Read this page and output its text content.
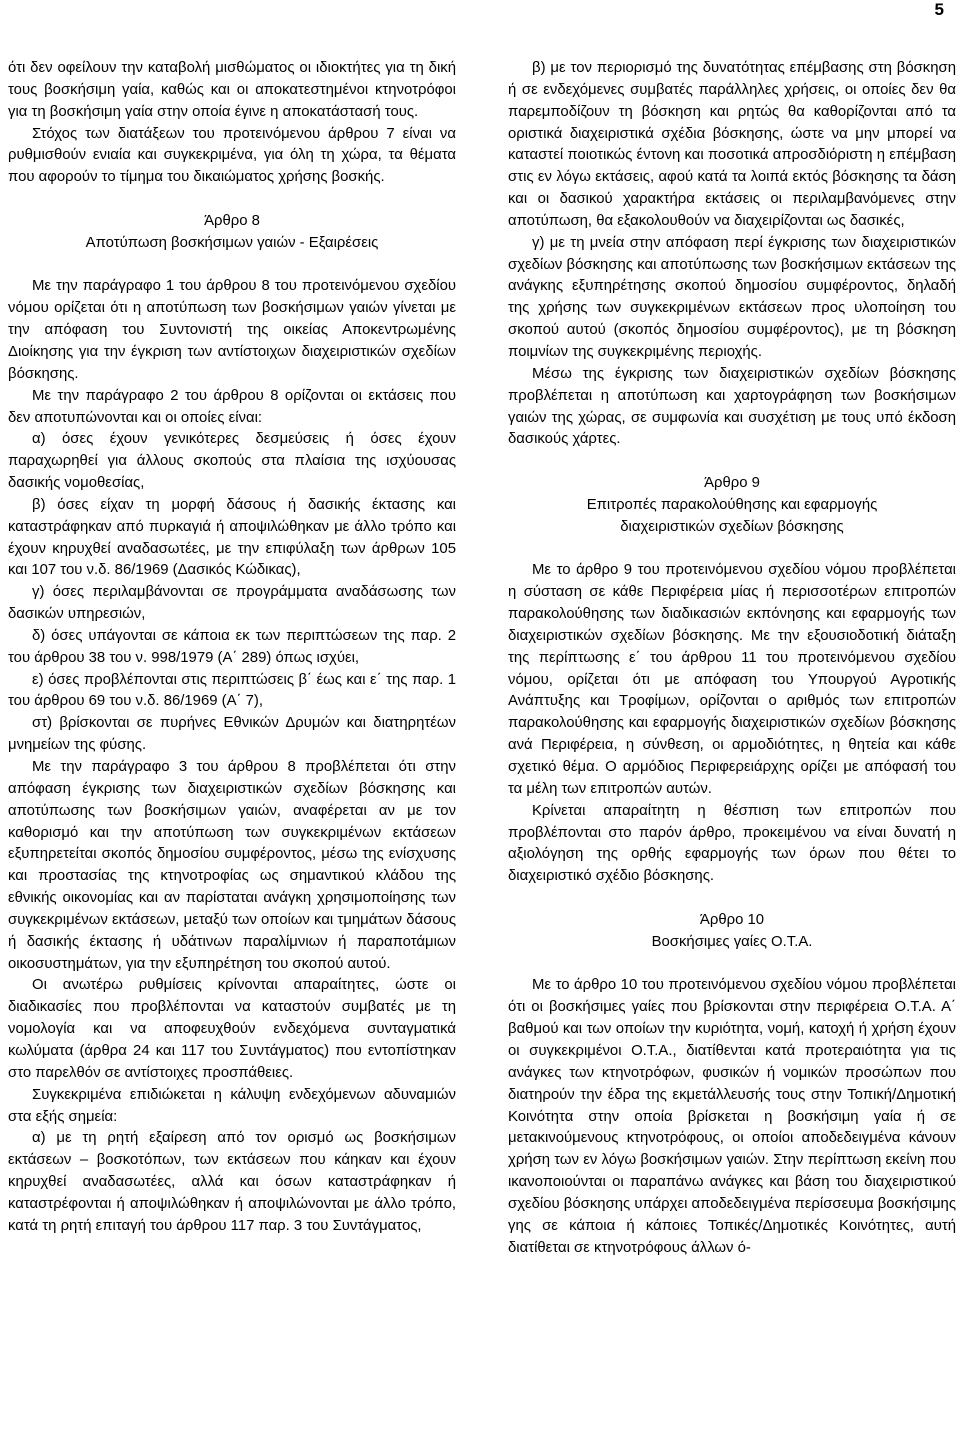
5

ότι δεν οφείλουν την καταβολή μισθώματος οι ιδιοκτήτες για τη δική τους βοσκήσιμη γαία, καθώς και οι αποκατεστημένοι κτηνοτρόφοι για τη βοσκήσιμη γαία στην οποία έγινε η αποκατάστασή τους.

Στόχος των διατάξεων του προτεινόμενου άρθρου 7 είναι να ρυθμισθούν ενιαία και συγκεκριμένα, για όλη τη χώρα, τα θέματα που αφορούν το τίμημα του δικαιώματος χρήσης βοσκής.

Άρθρο 8

Αποτύπωση βοσκήσιμων γαιών - Εξαιρέσεις

Με την παράγραφο 1 του άρθρου 8 του προτεινόμενου σχεδίου νόμου ορίζεται ότι η αποτύπωση των βοσκήσιμων γαιών γίνεται με την απόφαση του Συντονιστή της οικείας Αποκεντρωμένης Διοίκησης για την έγκριση των αντίστοιχων διαχειριστικών σχεδίων βόσκησης.

Με την παράγραφο 2 του άρθρου 8 ορίζονται οι εκτάσεις που δεν αποτυπώνονται και οι οποίες είναι:

α) όσες έχουν γενικότερες δεσμεύσεις ή όσες έχουν παραχωρηθεί για άλλους σκοπούς στα πλαίσια της ισχύουσας δασικής νομοθεσίας,

β) όσες είχαν τη μορφή δάσους ή δασικής έκτασης και καταστράφηκαν από πυρκαγιά ή αποψιλώθηκαν με άλλο τρόπο και έχουν κηρυχθεί αναδασωτέες, με την επιφύλαξη των άρθρων 105 και 107 του ν.δ. 86/1969 (Δασικός Κώδικας),

γ) όσες περιλαμβάνονται σε προγράμματα αναδάσωσης των δασικών υπηρεσιών,

δ) όσες υπάγονται σε κάποια εκ των περιπτώσεων της παρ. 2 του άρθρου 38 του ν. 998/1979 (Α΄ 289) όπως ισχύει,

ε) όσες προβλέπονται στις περιπτώσεις β΄ έως και ε΄ της παρ. 1 του άρθρου 69 του ν.δ. 86/1969 (Α΄ 7),

στ) βρίσκονται σε πυρήνες Εθνικών Δρυμών και διατηρητέων μνημείων της φύσης.

Με την παράγραφο 3 του άρθρου 8 προβλέπεται ότι στην απόφαση έγκρισης των διαχειριστικών σχεδίων βόσκησης και αποτύπωσης των βοσκήσιμων γαιών, αναφέρεται αν με τον καθορισμό και την αποτύπωση των συγκεκριμένων εκτάσεων εξυπηρετείται σκοπός δημοσίου συμφέροντος, μέσω της ενίσχυσης και προστασίας της κτηνοτροφίας ως σημαντικού κλάδου της εθνικής οικονομίας και αν παρίσταται ανάγκη χρησιμοποίησης των συγκεκριμένων εκτάσεων, μεταξύ των οποίων και τμημάτων δάσους ή δασικής έκτασης ή υδάτινων παραλίμνιων ή παραποτάμιων οικοσυστημάτων, για την εξυπηρέτηση του σκοπού αυτού.

Οι ανωτέρω ρυθμίσεις κρίνονται απαραίτητες, ώστε οι διαδικασίες που προβλέπονται να καταστούν συμβατές με τη νομολογία και να αποφευχθούν ενδεχόμενα συνταγματικά κωλύματα (άρθρα 24 και 117 του Συντάγματος) που εντοπίστηκαν στο παρελθόν σε αντίστοιχες προσπάθειες.

Συγκεκριμένα επιδιώκεται η κάλυψη ενδεχόμενων αδυναμιών στα εξής σημεία:

α) με τη ρητή εξαίρεση από τον ορισμό ως βοσκήσιμων εκτάσεων – βοσκοτόπων, των εκτάσεων που κάηκαν και έχουν κηρυχθεί αναδασωτέες, αλλά και όσων καταστράφηκαν ή καταστρέφονται ή αποψιλώθηκαν ή αποψιλώνονται με άλλο τρόπο, κατά τη ρητή επιταγή του άρθρου 117 παρ. 3 του Συντάγματος,

β) με τον περιορισμό της δυνατότητας επέμβασης στη βόσκηση ή σε ενδεχόμενες συμβατές παράλληλες χρήσεις, οι οποίες δεν θα παρεμποδίζουν τη βόσκηση και ρητώς θα καθορίζονται από τα οριστικά διαχειριστικά σχέδια βόσκησης, ώστε να μην μπορεί να καταστεί ποιοτικώς έντονη και ποσοτικά απροσδιόριστη η επέμβαση στις εν λόγω εκτάσεις, αφού κατά τα λοιπά εκτός βόσκησης τα δάση και οι δασικού χαρακτήρα εκτάσεις οι περιλαμβανόμενες στην αποτύπωση, θα εξακολουθούν να διαχειρίζονται ως δασικές,

γ) με τη μνεία στην απόφαση περί έγκρισης των διαχειριστικών σχεδίων βόσκησης και αποτύπωσης των βοσκήσιμων εκτάσεων της ανάγκης εξυπηρέτησης σκοπού δημοσίου συμφέροντος, δηλαδή της χρήσης των συγκεκριμένων εκτάσεων προς υλοποίηση του σκοπού αυτού (σκοπός δημοσίου συμφέροντος), με τη βόσκηση ποιμνίων της συγκεκριμένης περιοχής.

Μέσω της έγκρισης των διαχειριστικών σχεδίων βόσκησης προβλέπεται η αποτύπωση και χαρτογράφηση των βοσκήσιμων γαιών της χώρας, σε συμφωνία και συσχέτιση με τους υπό έκδοση δασικούς χάρτες.

Άρθρο 9

Επιτροπές παρακολούθησης και εφαρμογής

διαχειριστικών σχεδίων βόσκησης

Με το άρθρο 9 του προτεινόμενου σχεδίου νόμου προβλέπεται η σύσταση σε κάθε Περιφέρεια μίας ή περισσοτέρων επιτροπών παρακολούθησης των διαδικασιών εκπόνησης και εφαρμογής των διαχειριστικών σχεδίων βόσκησης. Με την εξουσιοδοτική διάταξη της περίπτωσης ε΄ του άρθρου 11 του προτεινόμενου σχεδίου νόμου, ορίζεται ότι με απόφαση του Υπουργού Αγροτικής Ανάπτυξης και Τροφίμων, ορίζονται ο αριθμός των επιτροπών παρακολούθησης και εφαρμογής διαχειριστικών σχεδίων βόσκησης ανά Περιφέρεια, η σύνθεση, οι αρμοδιότητες, η θητεία και κάθε σχετικό θέμα. Ο αρμόδιος Περιφερειάρχης ορίζει με απόφασή του τα μέλη των επιτροπών αυτών.

Κρίνεται απαραίτητη η θέσπιση των επιτροπών που προβλέπονται στο παρόν άρθρο, προκειμένου να είναι δυνατή η αξιολόγηση της ορθής εφαρμογής των όρων που θέτει το διαχειριστικό σχέδιο βόσκησης.

Άρθρο 10

Βοσκήσιμες γαίες Ο.Τ.Α.

Με το άρθρο 10 του προτεινόμενου σχεδίου νόμου προβλέπεται ότι οι βοσκήσιμες γαίες που βρίσκονται στην περιφέρεια Ο.Τ.Α. Α΄ βαθμού και των οποίων την κυριότητα, νομή, κατοχή ή χρήση έχουν οι συγκεκριμένοι Ο.Τ.Α., διατίθενται κατά προτεραιότητα για τις ανάγκες των κτηνοτρόφων, φυσικών ή νομικών προσώπων που διατηρούν την έδρα της εκμετάλλευσής τους στην Τοπική/Δημοτική Κοινότητα στην οποία βρίσκεται η βοσκήσιμη γαία ή σε μετακινούμενους κτηνοτρόφους, οι οποίοι αποδεδειγμένα κάνουν χρήση των εν λόγω βοσκήσιμων γαιών. Στην περίπτωση εκείνη που ικανοποιούνται οι παραπάνω ανάγκες και βάση του διαχειριστικού σχεδίου βόσκησης υπάρχει αποδεδειγμένα περίσσευμα βοσκήσιμης γης σε κάποια ή κάποιες Τοπικές/Δημοτικές Κοινότητες, αυτή διατίθεται σε κτηνοτρόφους άλλων ό-
